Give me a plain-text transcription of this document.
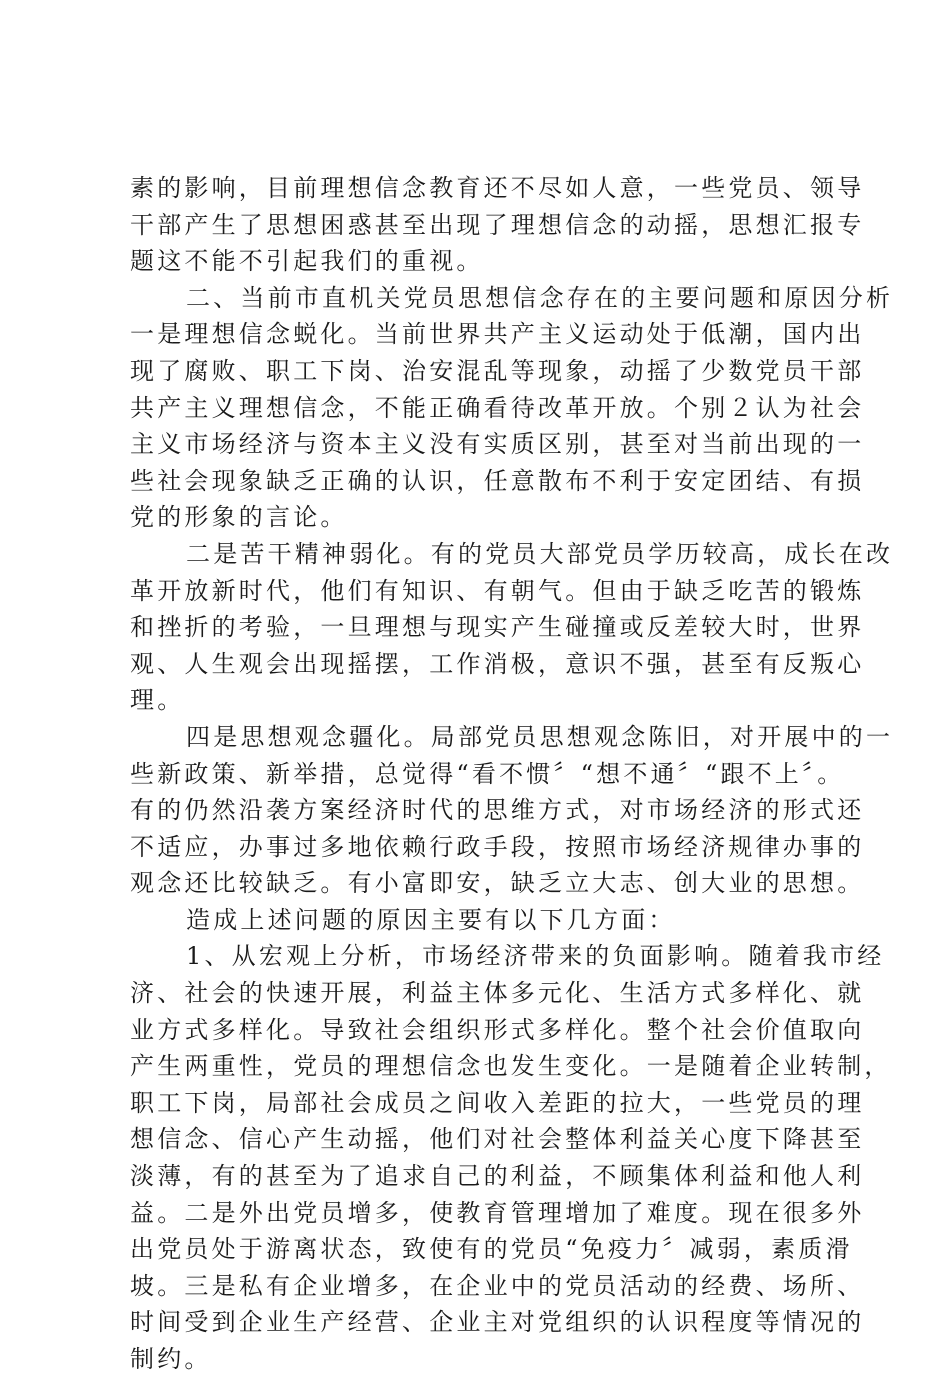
素的影响，目前理想信念教育还不尽如人意，一些党员、领导
干部产生了思想困惑甚至出现了理想信念的动摇，思想汇报专
题这不能不引起我们的重视。
二、当前市直机关党员思想信念存在的主要问题和原因分析
一是理想信念蜕化。当前世界共产主义运动处于低潮，国内出
现了腐败、职工下岗、治安混乱等现象，动摇了少数党员干部
共产主义理想信念，不能正确看待改革开放。个别２认为社会
主义市场经济与资本主义没有实质区别，甚至对当前出现的一
些社会现象缺乏正确的认识，任意散布不利于安定团结、有损
党的形象的言论。
二是苦干精神弱化。有的党员大部党员学历较高，成长在改
革开放新时代，他们有知识、有朝气。但由于缺乏吃苦的锻炼
和挫折的考验，一旦理想与现实产生碰撞或反差较大时，世界
观、人生观会出现摇摆，工作消极，意识不强，甚至有反叛心
理。
四是思想观念疆化。局部党员思想观念陈旧，对开展中的一
些新政策、新举措，总觉得“看不惯〞“想不通〞“跟不上〞。
有的仍然沿袭方案经济时代的思维方式，对市场经济的形式还
不适应，办事过多地依赖行政手段，按照市场经济规律办事的
观念还比较缺乏。有小富即安，缺乏立大志、创大业的思想。
造成上述问题的原因主要有以下几方面：
1、从宏观上分析，市场经济带来的负面影响。随着我市经
济、社会的快速开展，利益主体多元化、生活方式多样化、就
业方式多样化。导致社会组织形式多样化。整个社会价值取向
产生两重性，党员的理想信念也发生变化。一是随着企业转制，
职工下岗，局部社会成员之间收入差距的拉大，一些党员的理
想信念、信心产生动摇，他们对社会整体利益关心度下降甚至
淡薄，有的甚至为了追求自己的利益，不顾集体利益和他人利
益。二是外出党员增多，使教育管理增加了难度。现在很多外
出党员处于游离状态，致使有的党员“免疫力〞减弱，素质滑
坡。三是私有企业增多，在企业中的党员活动的经费、场所、
时间受到企业生产经营、企业主对党组织的认识程度等情况的
制约。
